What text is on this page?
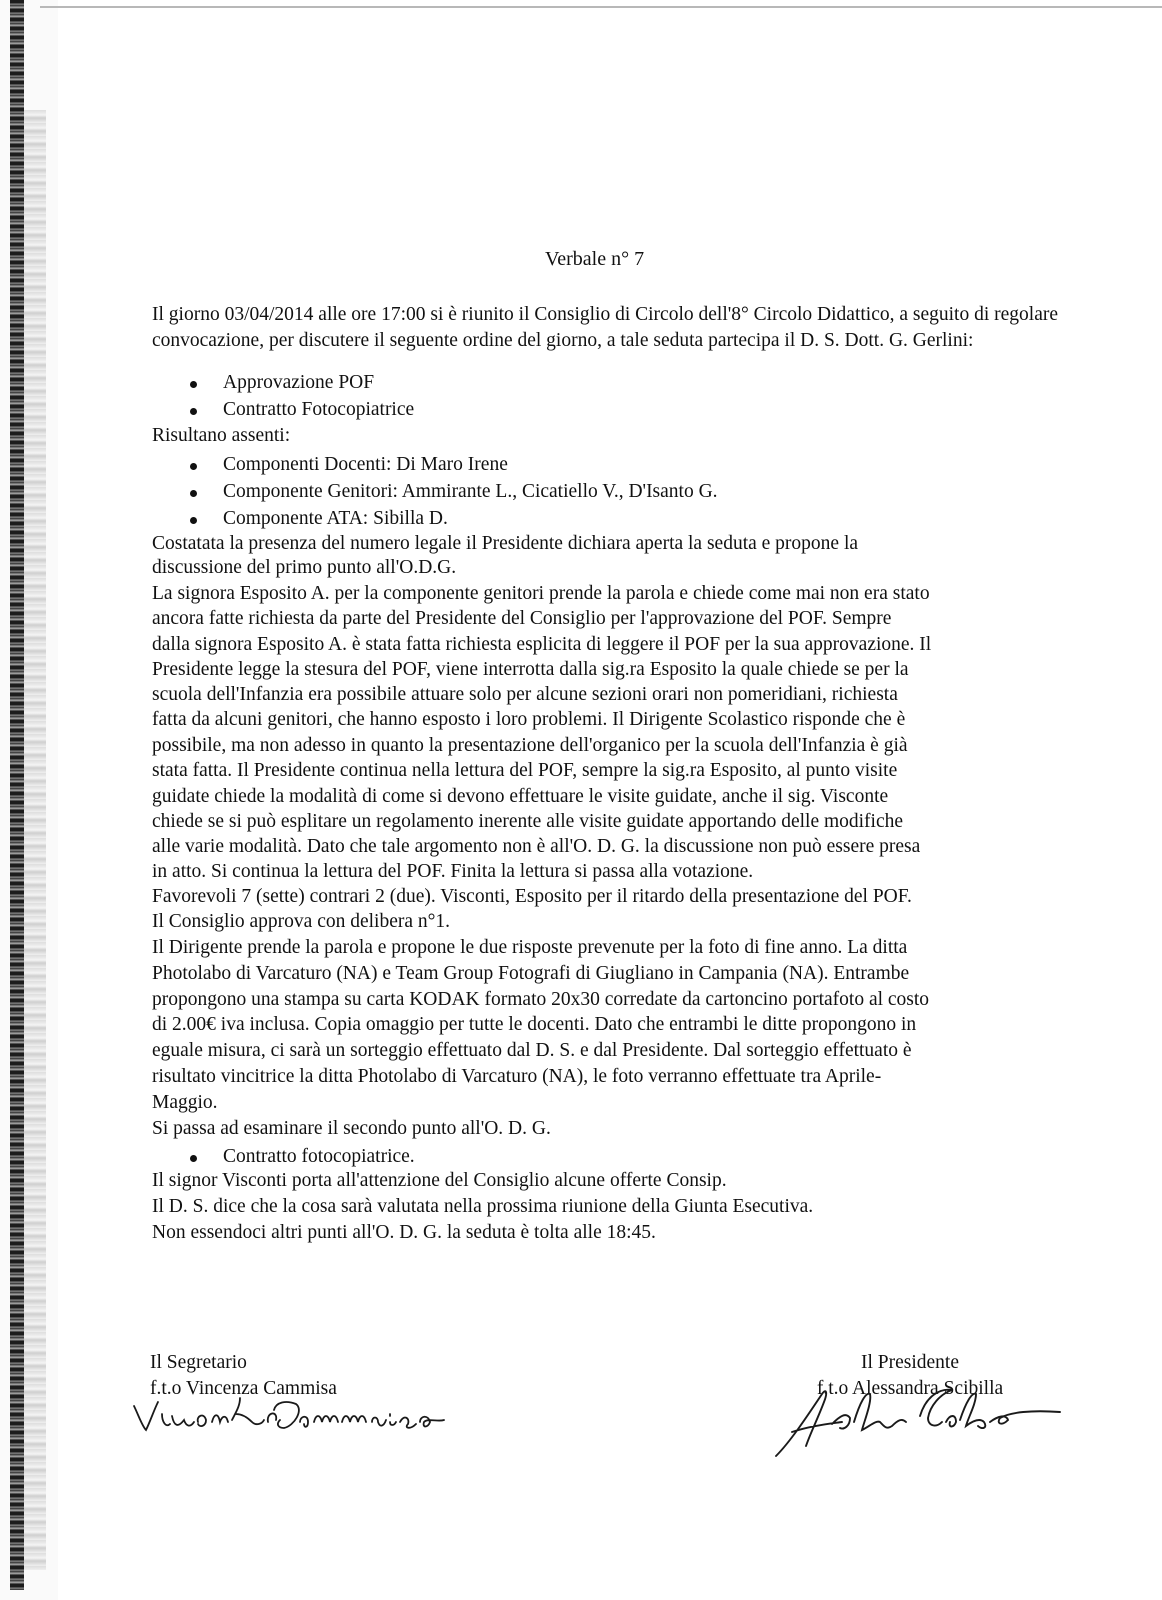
Verbale n° 7
Il giorno 03/04/2014 alle ore 17:00 si è riunito il Consiglio di Circolo dell'8° Circolo Didattico, a seguito di regolare convocazione, per discutere il seguente ordine del giorno, a tale seduta partecipa il D. S. Dott. G. Gerlini:
Approvazione POF
Contratto Fotocopiatrice
Risultano assenti:
Componenti Docenti: Di Maro Irene
Componente Genitori: Ammirante L., Cicatiello V., D'Isanto G.
Componente ATA: Sibilla D.
Costatata la presenza del numero legale il Presidente dichiara aperta la seduta e propone la
discussione del primo punto all'O.D.G.
La signora Esposito A. per la componente genitori prende la parola e chiede come mai non era stato
ancora fatte richiesta da parte del Presidente del Consiglio per l'approvazione del POF. Sempre
dalla signora Esposito A. è stata fatta richiesta esplicita di leggere il POF per la sua approvazione. Il
Presidente legge la stesura del POF, viene interrotta dalla sig.ra Esposito la quale chiede se per la
scuola dell'Infanzia era possibile attuare solo per alcune sezioni orari non pomeridiani, richiesta
fatta da alcuni genitori, che hanno esposto i loro problemi. Il Dirigente Scolastico risponde che è
possibile, ma non adesso in quanto la presentazione dell'organico per la scuola dell'Infanzia è già
stata fatta. Il Presidente continua nella lettura del POF, sempre la sig.ra Esposito, al punto visite
guidate chiede la modalità di come si devono effettuare le visite guidate, anche il sig. Visconte
chiede se si può esplitare un regolamento inerente alle visite guidate apportando delle modifiche
alle varie modalità. Dato che tale argomento non è all'O. D. G. la discussione non può essere presa
in atto. Si continua la lettura del POF. Finita la lettura si passa alla votazione.
Favorevoli 7 (sette) contrari 2 (due). Visconti, Esposito per il ritardo della presentazione del POF.
Il Consiglio approva con delibera n°1.
Il Dirigente prende la parola e propone le due risposte prevenute per la foto di fine anno. La ditta
Photolabo di Varcaturo (NA) e Team Group Fotografi di Giugliano in Campania (NA). Entrambe
propongono una stampa su carta KODAK formato 20x30 corredate da cartoncino portafoto al costo
di 2.00€ iva inclusa. Copia omaggio per tutte le docenti. Dato che entrambi le ditte propongono in
eguale misura, ci sarà un sorteggio effettuato dal D. S. e dal Presidente. Dal sorteggio effettuato è
risultato vincitrice la ditta Photolabo di Varcaturo (NA), le foto verranno effettuate tra Aprile-
Maggio.
Si passa ad esaminare il secondo punto all'O. D. G.
Contratto fotocopiatrice.
Il signor Visconti porta all'attenzione del Consiglio alcune offerte Consip.
Il D. S. dice che la cosa sarà valutata nella prossima riunione della Giunta Esecutiva.
Non essendoci altri punti all'O. D. G. la seduta è tolta alle 18:45.
Il Segretario
f.t.o Vincenza Cammisa
Il Presidente
f.t.o Alessandra Scibilla
